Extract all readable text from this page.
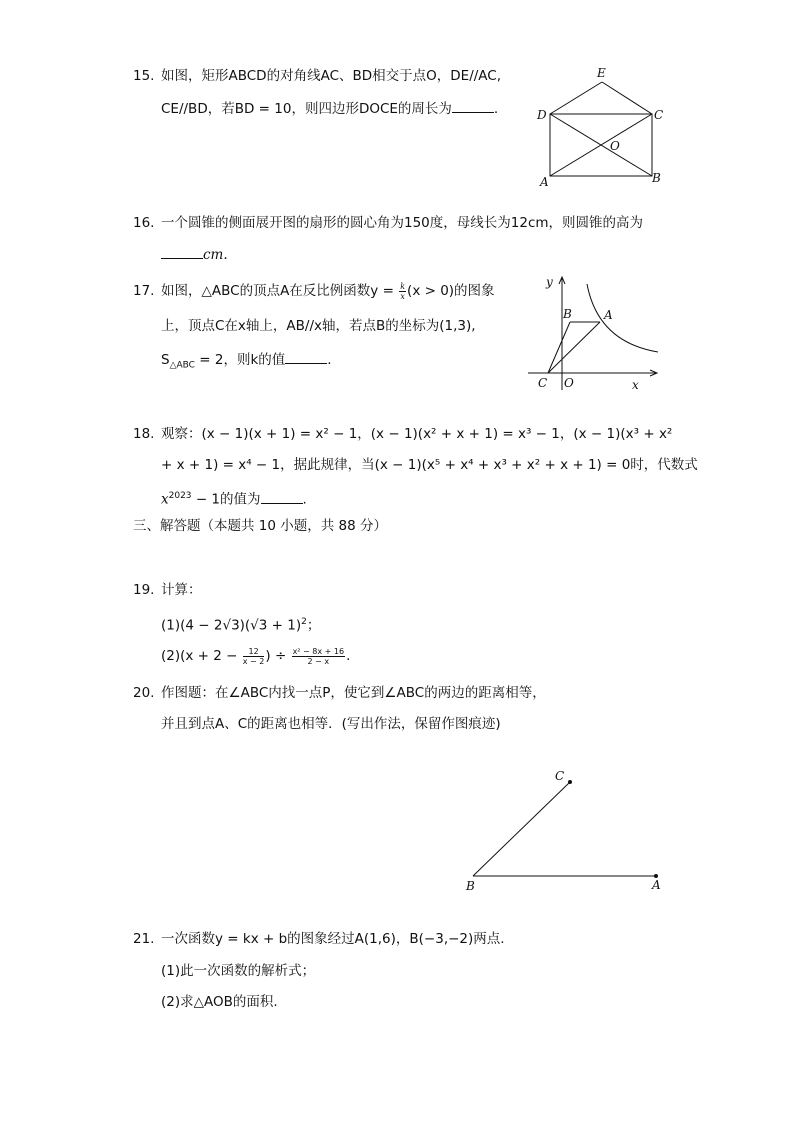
15. 如图，矩形ABCD的对角线AC、BD相交于点O，DE//AC,
CE//BD，若BD = 10，则四边形DOCE的周长为	.
E
D	C
O
A	B
16. 一个圆锥的侧面展开图的扇形的圆心角为150度，母线长为12cm，则圆锥的高为
cm.
17. 如图，△ABC的顶点A在反比例函数$y = \frac{k}{x} (x > 0)$的图象
上，顶点C在x轴上，AB//x轴，若点B的坐标为(1,3),
$S_{\triangle ABC} = 2$，则k的值	.
y
x
B	A
C O
18. 观察：(x − 1)(x + 1) = x² − 1，(x − 1)(x² + x + 1) = x³ − 1，(x − 1)(x³ + x²
+ x + 1) = x⁴ − 1，据此规律，当(x − 1)(x⁵ + x⁴ + x³ + x² + x + 1) = 0时，代数式
$x^{2023} - 1$的值为	.
三、解答题（本题共 10 小题，共 88 分）
19. 计算：
$(1)(4 - 2√3)(√3 + 1)^2$；
$(2)(x + 2 - \frac{12}{x - 2}$ ) ÷ $\frac{\text{x² − 8x + 16}}{2 - x}$ .
20. 作图题：在∠ABC内找一点P，使它到∠ABC的两边的距离相等，
并且到点A、C的距离也相等．(写出作法，保留作图痕迹)
C
B	A
21. 一次函数y = kx + b的图象经过A(1,6)，B(−3,−2)两点.
(1)此一次函数的解析式；
(2)求△AOB的面积.
